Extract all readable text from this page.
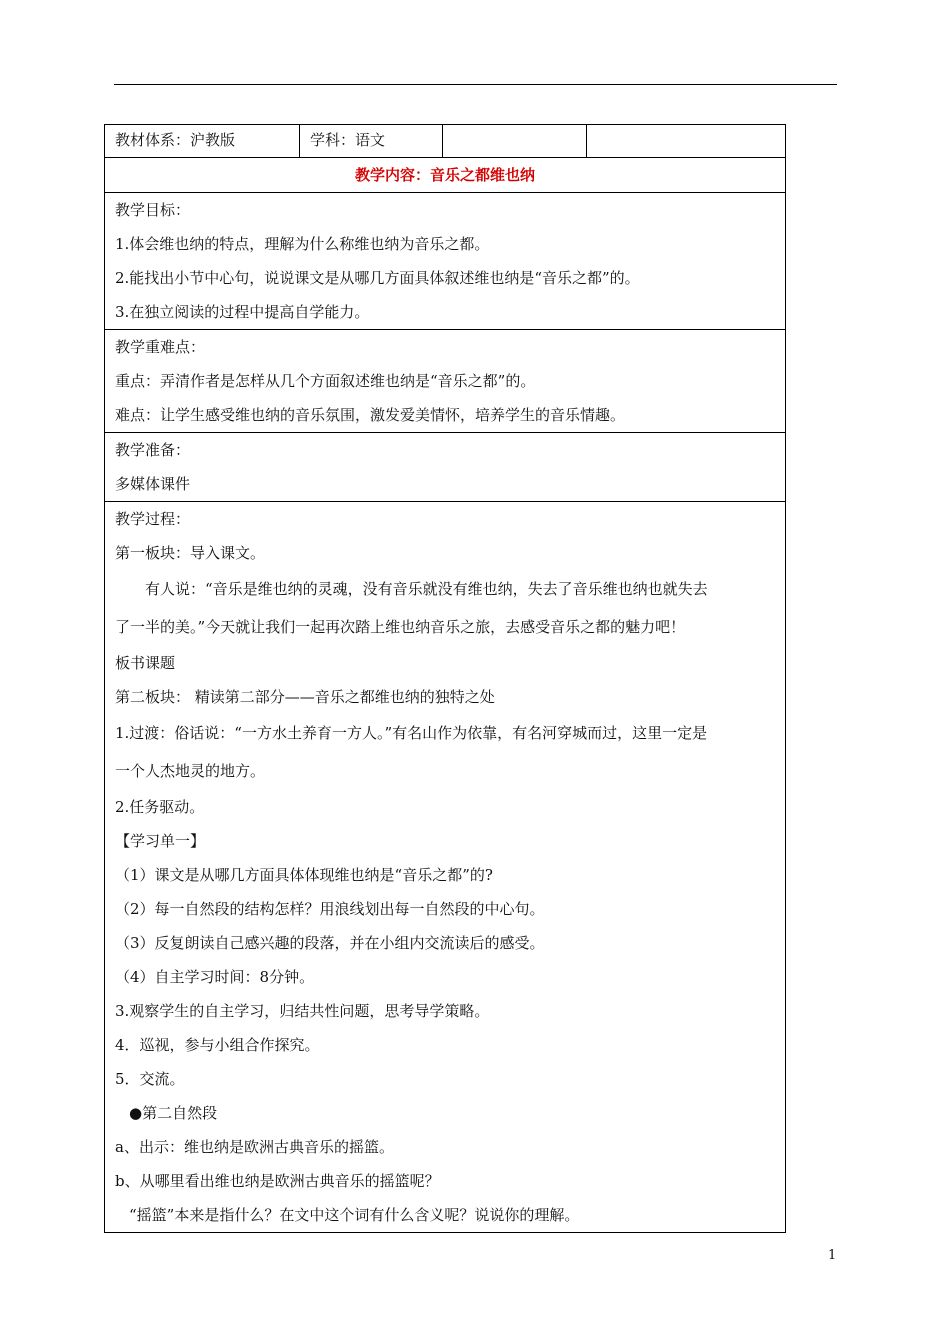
教材体系：沪教版	学科：语文		
教学内容：音乐之都维也纳

教学目标：
1.体会维也纳的特点，理解为什么称维也纳为音乐之都。
2.能找出小节中心句，说说课文是从哪几方面具体叙述维也纳是“音乐之都”的。
3.在独立阅读的过程中提高自学能力。

教学重难点：
重点：弄清作者是怎样从几个方面叙述维也纳是“音乐之都”的。
难点：让学生感受维也纳的音乐氛围，激发爱美情怀，培养学生的音乐情趣。

教学准备：
多媒体课件

教学过程：
第一板块：导入课文。
有人说：“音乐是维也纳的灵魂，没有音乐就没有维也纳，失去了音乐维也纳也就失去
了一半的美。”今天就让我们一起再次踏上维也纳音乐之旅，去感受音乐之都的魅力吧！
板书课题
第二板块： 精读第二部分——音乐之都维也纳的独特之处
1.过渡：俗话说：“一方水土养育一方人。”有名山作为依靠，有名河穿城而过，这里一定是
一个人杰地灵的地方。
2.任务驱动。
【学习单一】
（1）课文是从哪几方面具体体现维也纳是“音乐之都”的?
（2）每一自然段的结构怎样？用浪线划出每一自然段的中心句。
（3）反复朗读自己感兴趣的段落，并在小组内交流读后的感受。
（4）自主学习时间：8分钟。
3.观察学生的自主学习，归结共性问题，思考导学策略。
4．巡视，参与小组合作探究。
5．交流。
●第二自然段
a、出示：维也纳是欧洲古典音乐的摇篮。
b、从哪里看出维也纳是欧洲古典音乐的摇篮呢？
“摇篮”本来是指什么？在文中这个词有什么含义呢？说说你的理解。
1
